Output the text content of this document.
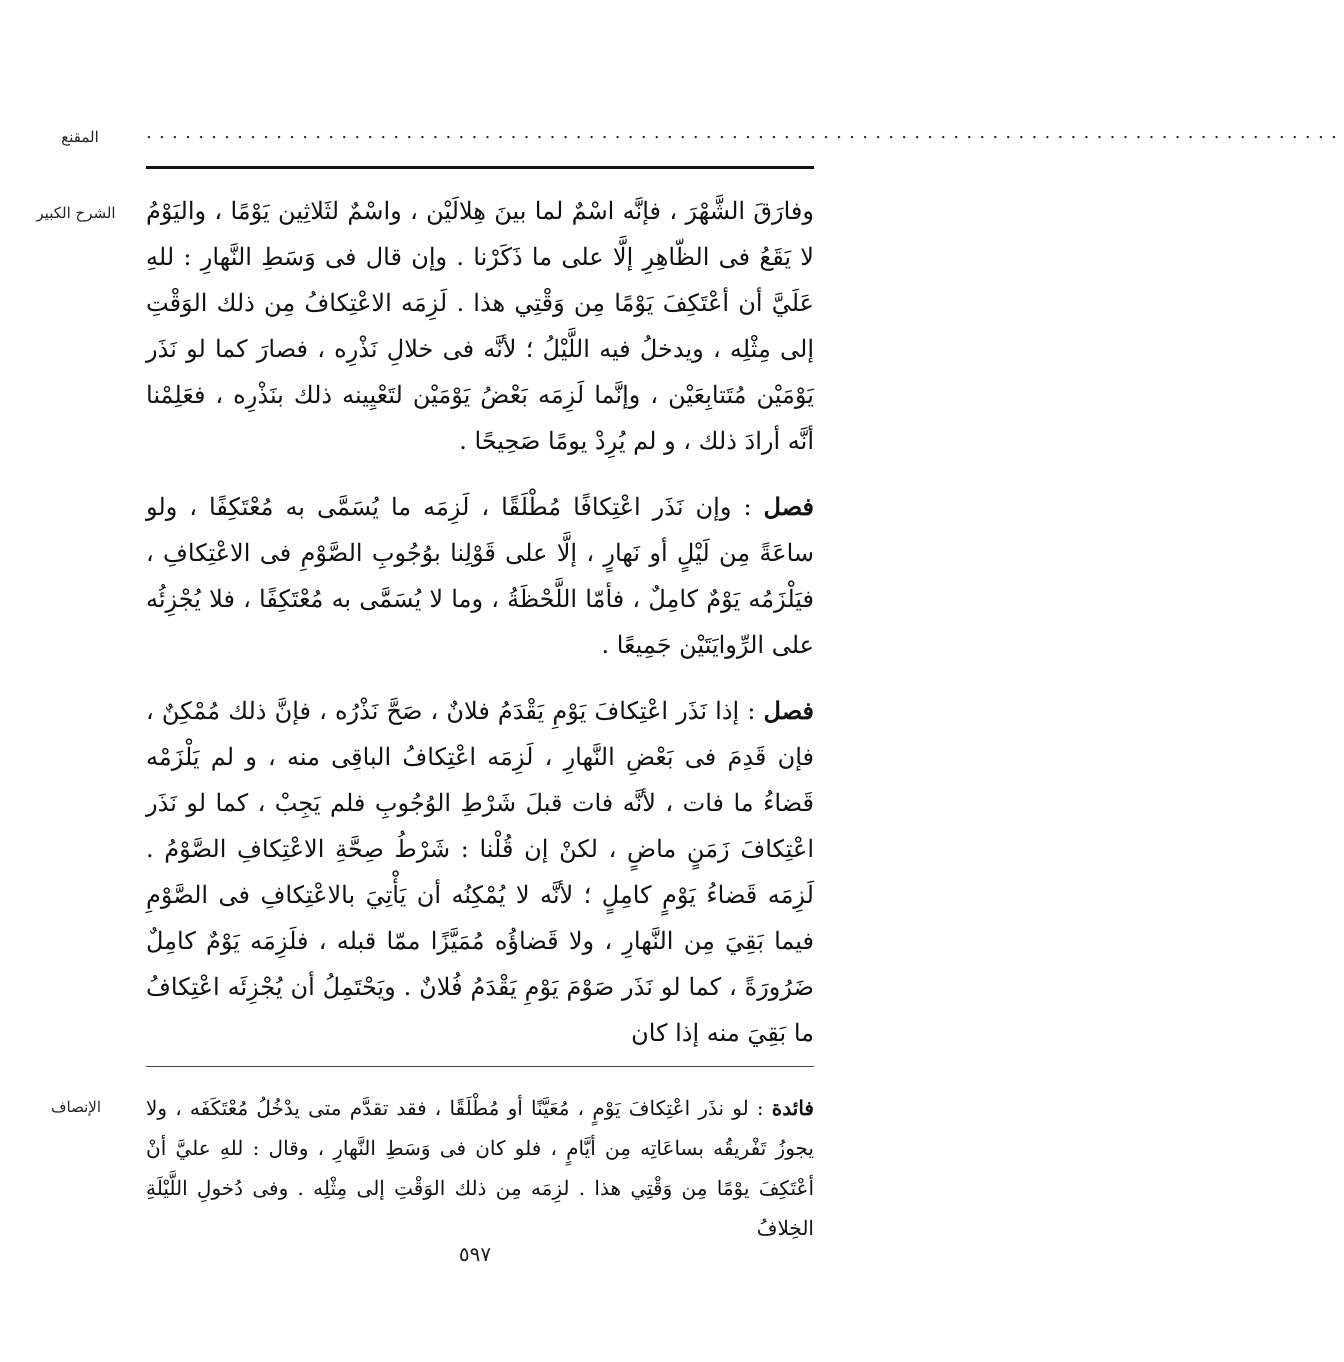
المقنع	............................................................................................
الشرح الكبير	وفارَقَ الشَّهْرَ ، فإنَّه اسْمٌ لما بينَ هِلالَيْن ، واسْمٌ لثَلاثِين يَوْمًا ، واليَوْمُ لا يَقَعُ فى الظّاهِرِ إلَّا على ما ذَكَرْنا . وإن قال فى وَسَطِ النَّهارِ : للهِ عَلَيَّ أن أعْتَكِفَ يَوْمًا مِن وَقْتِي هذا . لَزِمَه الاعْتِكافُ مِن ذلك الوَقْتِ إلى مِثْلِه ، ويدخلُ فيه اللَّيْلُ ؛ لأنَّه فى خلالِ نَذْرِه ، فصارَ كما لو نَذَر يَوْمَيْن مُتَتابِعَيْن ، وإنَّما لَزِمَه بَعْضُ يَوْمَيْن لتَعْيِينه ذلك بنَذْرِه ، فعَلِمْنا أنَّه أرادَ ذلك ، و لم يُرِدْ يومًا صَحِيحًا .

فصل : وإن نَذَر اعْتِكافًا مُطْلَقًا ، لَزِمَه ما يُسَمَّى به مُعْتَكِفًا ، ولو ساعَةً مِن لَيْلٍ أو نَهارٍ ، إلَّا على قَوْلِنا بوُجُوبِ الصَّوْمِ فى الاعْتِكافِ ، فيَلْزَمُه يَوْمٌ كامِلٌ ، فأمّا اللَّحْظَةُ ، وما لا يُسَمَّى به مُعْتَكِفًا ، فلا يُجْزِئُه على الرِّوايَتَيْن جَمِيعًا .

فصل : إذا نَذَر اعْتِكافَ يَوْمِ يَقْدَمُ فلانٌ ، صَحَّ نَذْرُه ، فإنَّ ذلك مُمْكِنٌ ، فإن قَدِمَ فى بَعْضِ النَّهارِ ، لَزِمَه اعْتِكافُ الباقِى منه ، و لم يَلْزَمْه قَضاءُ ما فات ، لأنَّه فات قبلَ شَرْطِ الوُجُوبِ فلم يَجِبْ ، كما لو نَذَر اعْتِكافَ زَمَنٍ ماضٍ ، لكنْ إن قُلْنا : شَرْطُ صِحَّةِ الاعْتِكافِ الصَّوْمُ . لَزِمَه قَضاءُ يَوْمٍ كامِلٍ ؛ لأنَّه لا يُمْكِنُه أن يَأْتِيَ بالاعْتِكافِ فى الصَّوْمِ فيما بَقِيَ مِن النَّهارِ ، ولا قَضاؤُه مُمَيَّزًا ممّا قبله ، فلَزِمَه يَوْمٌ كامِلٌ ضَرُورَةً ، كما لو نَذَر صَوْمَ يَوْمِ يَقْدَمُ فُلانٌ . ويَحْتَمِلُ أن يُجْزِئَه اعْتِكافُ ما بَقِيَ منه إذا كان

الإنصاف	فائدة : لو نذَر اعْتِكافَ يَوْمٍ ، مُعَيَّنًا أو مُطْلَقًا ، فقد تقدَّم متى يدْخُلُ مُعْتَكَفَه ، ولا يجوزُ تَفْريقُه بساعَاتِه مِن أيَّامٍ ، فلو كان فى وَسَطِ النَّهارِ ، وقال : للهِ عليَّ أنْ أعْتَكِفَ يوْمًا مِن وَقْتِي هذا . لزِمَه مِن ذلك الوَقْتِ إلى مِثْلِه . وفى دُخولِ اللَّيْلَةِ الخِلافُ

٥٩٧
